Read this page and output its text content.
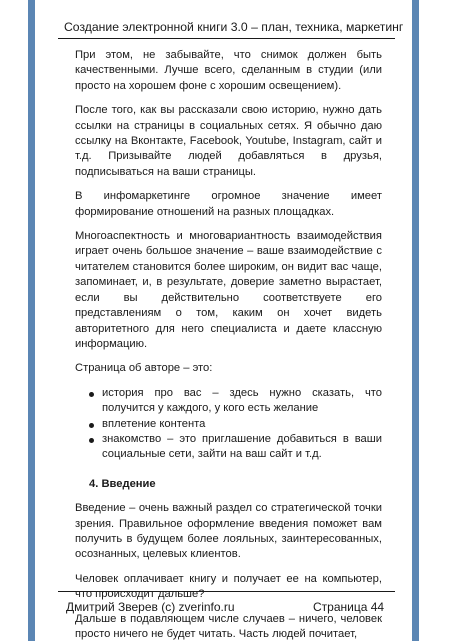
Создание электронной книги 3.0 – план, техника, маркетинг

При этом, не забывайте, что снимок должен быть качественными. Лучше всего, сделанным в студии (или просто на хорошем фоне с хорошим освещением).

После того, как вы рассказали свою историю, нужно дать ссылки на страницы в социальных сетях. Я обычно даю ссылку на Вконтакте, Facebook, Youtube, Instagram, сайт и т.д. Призывайте людей добавляться в друзья, подписываться на ваши страницы.

В инфомаркетинге огромное значение имеет формирование отношений на разных площадках.

Многоаспектность и многовариантность взаимодействия играет очень большое значение – ваше взаимодействие с читателем становится более широким, он видит вас чаще, запоминает, и, в результате, доверие заметно вырастает, если вы действительно соответствуете его представлениям о том, каким он хочет видеть авторитетного для него специалиста и даете классную информацию.

Страница об авторе – это:

история про вас – здесь нужно сказать, что получится у каждого, у кого есть желание
вплетение контента
знакомство – это приглашение добавиться в ваши социальные сети, зайти на ваш сайт и т.д.
4. Введение

Введение – очень важный раздел со стратегической точки зрения. Правильное оформление введения поможет вам получить в будущем более лояльных, заинтересованных, осознанных, целевых клиентов.

Человек оплачивает книгу и получает ее на компьютер, что происходит дальше?

Дальше в подавляющем числе случаев – ничего, человек просто ничего не будет читать. Часть людей почитает,

Дмитрий Зверев (c) zverinfo.ru	Страница 44
